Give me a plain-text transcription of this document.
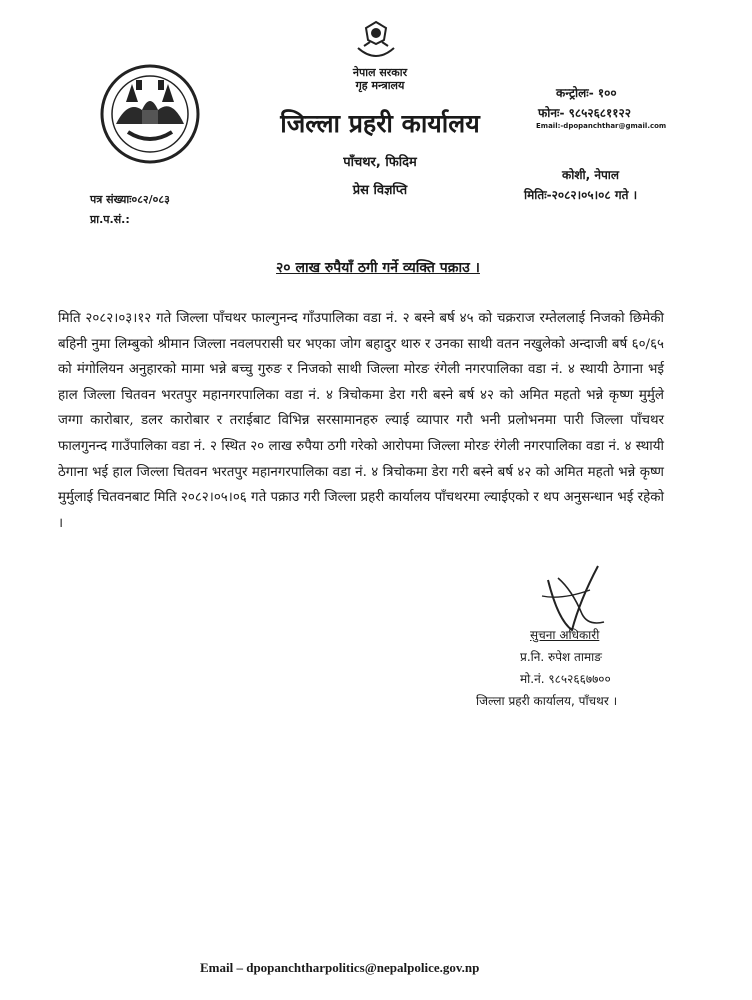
नेपाल सरकार
गृह मन्त्रालय
जिल्ला प्रहरी कार्यालय
पाँचथर, फिदिम
प्रेस विज्ञप्ति
कन्ट्रोलः- १००
फोनः- ९८५२६८११२२
Email:-dpopanchthar@gmail.com
कोशी, नेपाल
मितिः-२०८२।०५।०८ गते ।
पत्र संख्याः०८२/०८३
प्रा.प.सं.:
२० लाख रुपैयाँ ठगी गर्ने व्यक्ति पक्राउ ।
मिति २०८२।०३।१२ गते जिल्ला पाँचथर फाल्गुनन्द गाँउपालिका वडा नं. २ बस्ने बर्ष ४५ को चक्रराज रम्तेललाई निजको छिमेकी बहिनी नुमा लिम्बुको श्रीमान जिल्ला नवलपरासी घर भएका जोग बहादुर थारु र उनका साथी वतन नखुलेको अन्दाजी बर्ष ६०/६५ को मंगोलियन अनुहारको मामा भन्ने बच्चु गुरुङ र निजको साथी जिल्ला मोरङ रंगेली नगरपालिका वडा नं. ४ स्थायी ठेगाना भई हाल जिल्ला चितवन भरतपुर महानगरपालिका वडा नं. ४ त्रिचोकमा डेरा गरी बस्ने बर्ष ४२ को अमित महतो भन्ने कृष्ण मुर्मुले जग्गा कारोबार, डलर कारोबार र तराईबाट विभिन्न सरसामानहरु ल्याई व्यापार गरौ भनी प्रलोभनमा पारी जिल्ला पाँचथर फालगुनन्द गाउँपालिका वडा नं. २ स्थित २० लाख रुपैया ठगी गरेको आरोपमा जिल्ला मोरङ रंगेली नगरपालिका वडा नं. ४ स्थायी ठेगाना भई हाल जिल्ला चितवन भरतपुर महानगरपालिका वडा नं. ४ त्रिचोकमा डेरा गरी बस्ने बर्ष ४२ को अमित महतो भन्ने कृष्ण मुर्मुलाई चितवनबाट मिति २०८२।०५।०६ गते पक्राउ गरी जिल्ला प्रहरी कार्यालय पाँचथरमा ल्याईएको र थप अनुसन्धान भई रहेको ।
सुचना अधिकारी
प्र.नि. रुपेश तामाङ
मो.नं. ९८५२६६७७००
जिल्ला प्रहरी कार्यालय, पाँचथर ।
Email – dpopanchtharpolitics@nepalpolice.gov.np
